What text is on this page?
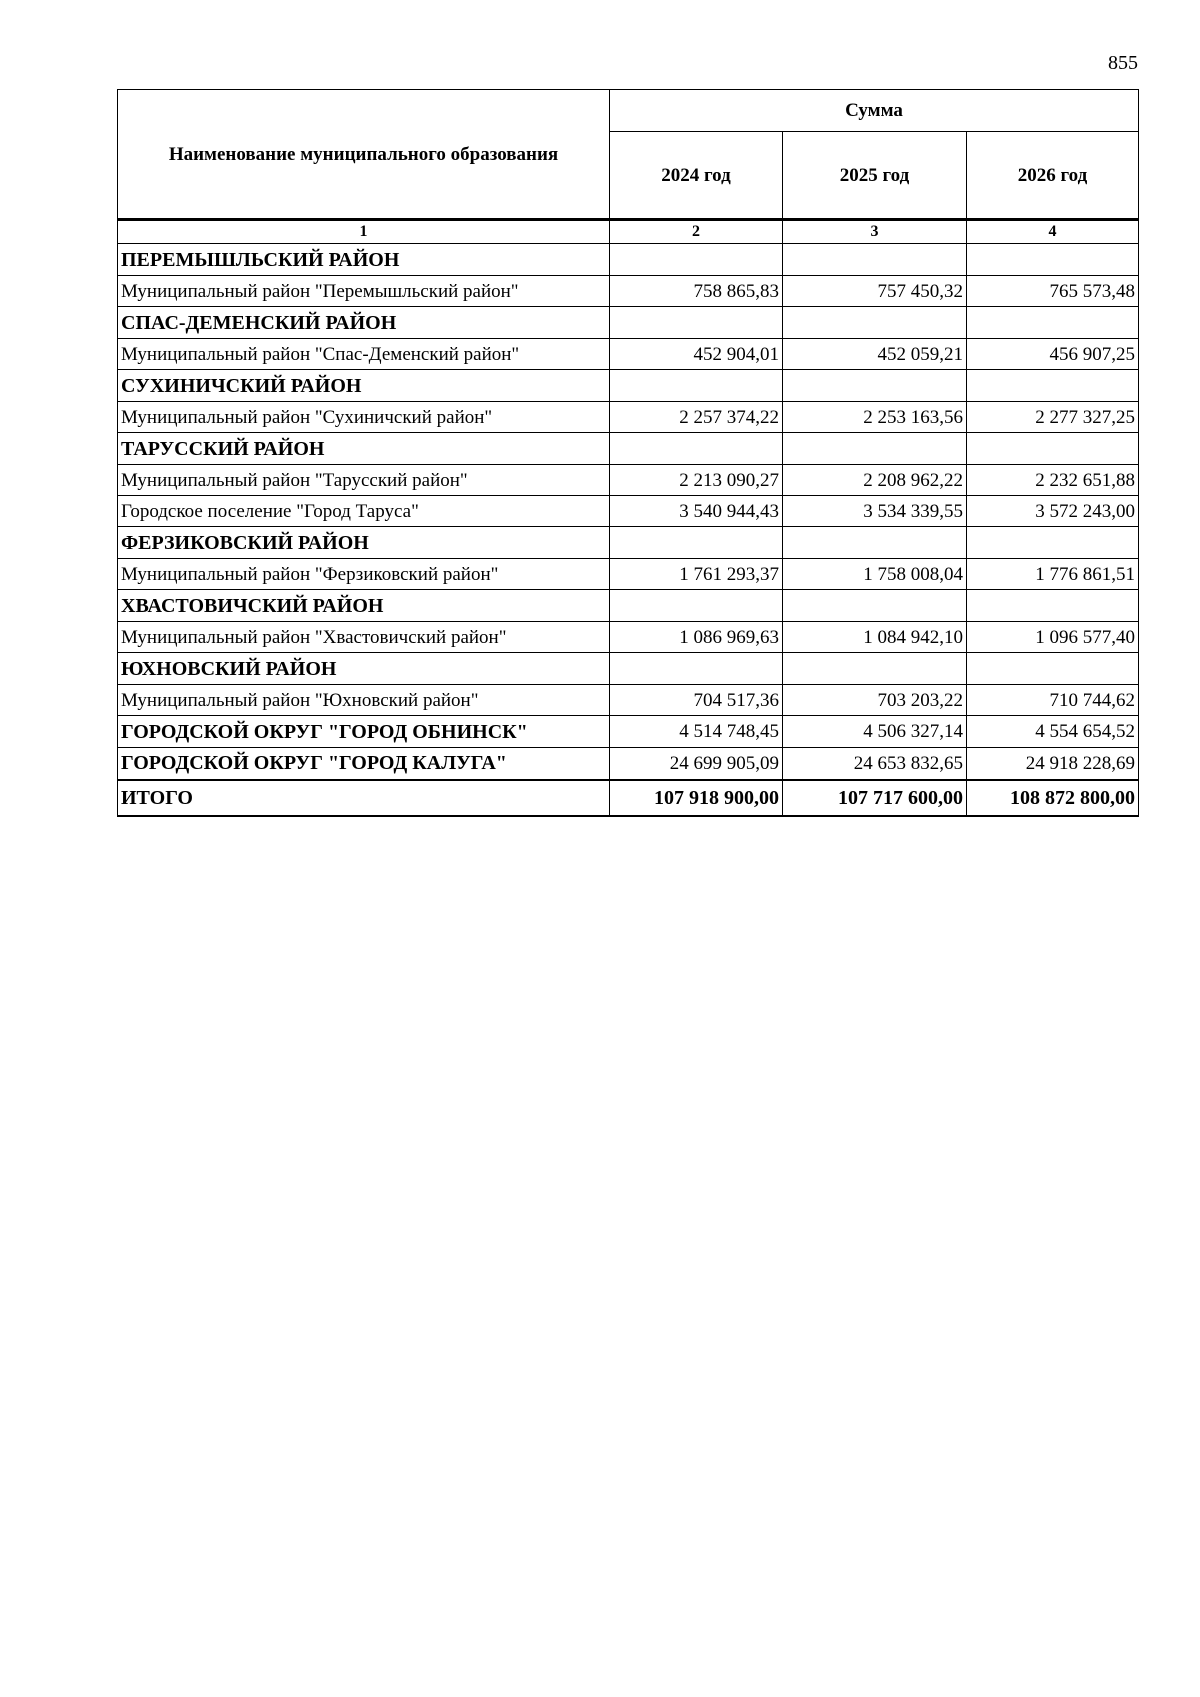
855
Наименование муниципального образования	Сумма		
	2024 год	2025 год	2026 год
1	2	3	4
ПЕРЕМЫШЛЬСКИЙ РАЙОН			
Муниципальный район "Перемышльский район"	758 865,83	757 450,32	765 573,48
СПАС-ДЕМЕНСКИЙ РАЙОН			
Муниципальный район "Спас-Деменский район"	452 904,01	452 059,21	456 907,25
СУХИНИЧСКИЙ РАЙОН			
Муниципальный район "Сухиничский район"	2 257 374,22	2 253 163,56	2 277 327,25
ТАРУССКИЙ РАЙОН			
Муниципальный район "Тарусский район"	2 213 090,27	2 208 962,22	2 232 651,88
Городское поселение "Город Таруса"	3 540 944,43	3 534 339,55	3 572 243,00
ФЕРЗИКОВСКИЙ РАЙОН			
Муниципальный район "Ферзиковский район"	1 761 293,37	1 758 008,04	1 776 861,51
ХВАСТОВИЧСКИЙ РАЙОН			
Муниципальный район "Хвастовичский район"	1 086 969,63	1 084 942,10	1 096 577,40
ЮХНОВСКИЙ РАЙОН			
Муниципальный район "Юхновский район"	704 517,36	703 203,22	710 744,62
ГОРОДСКОЙ ОКРУГ "ГОРОД ОБНИНСК"	4 514 748,45	4 506 327,14	4 554 654,52
ГОРОДСКОЙ ОКРУГ "ГОРОД КАЛУГА"	24 699 905,09	24 653 832,65	24 918 228,69
ИТОГО	107 918 900,00	107 717 600,00	108 872 800,00
